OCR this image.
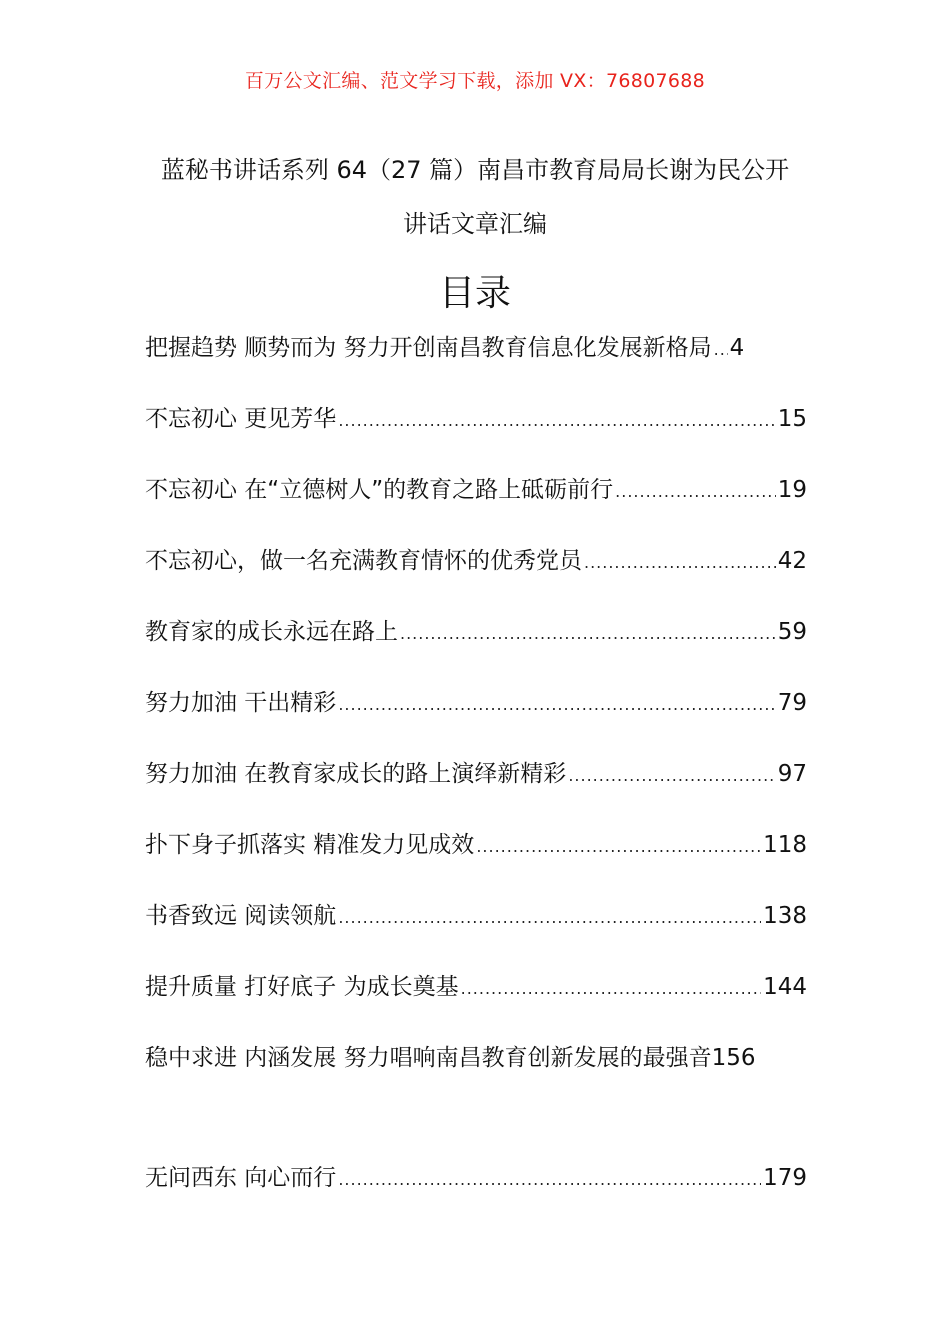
百万公文汇编、范文学习下载，添加 VX：76807688
蓝秘书讲话系列 64（27 篇）南昌市教育局局长谢为民公开
讲话文章汇编
目录
把握趋势 顺势而为 努力开创南昌教育信息化发展新格局 ..... 4
不忘初心 更见芳华 .....	15
不忘初心 在“立德树人”的教育之路上砥砺前行 .....	19
不忘初心，做一名充满教育情怀的优秀党员 .....	42
教育家的成长永远在路上 .....	59
努力加油 干出精彩 .....	79
努力加油 在教育家成长的路上演绎新精彩 .....	97
扑下身子抓落实 精准发力见成效 .....	118
书香致远 阅读领航 .....	138
提升质量 打好底子 为成长奠基 .....	144
稳中求进 内涵发展 努力唱响南昌教育创新发展的最强音156
无问西东 向心而行 .....	179
